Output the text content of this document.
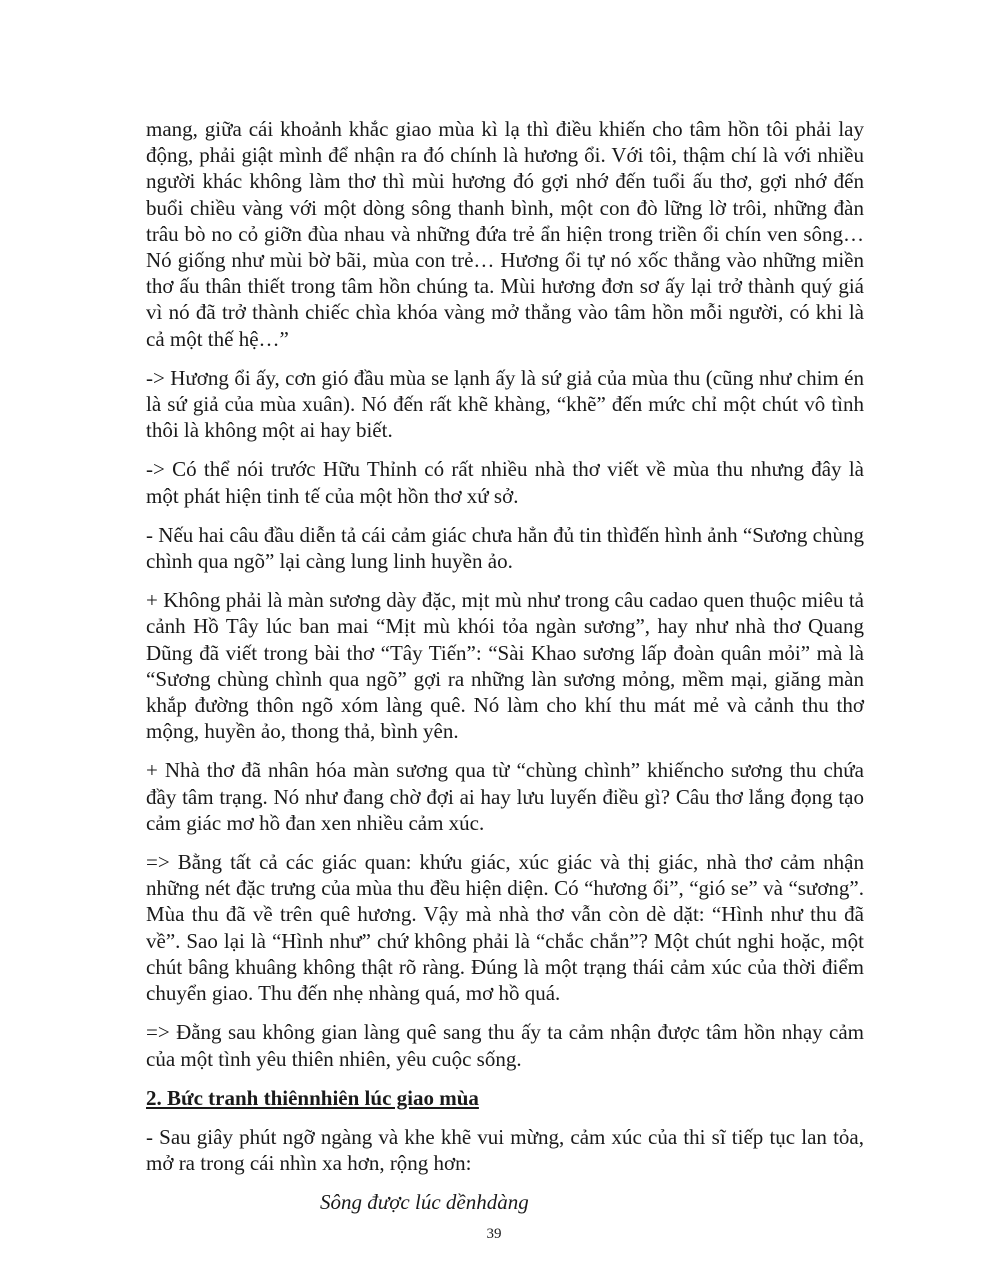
mang, giữa cái khoảnh khắc giao mùa kì lạ thì điều khiến cho tâm hồn tôi phải lay động, phải giật mình để nhận ra đó chính là hương ổi. Với tôi, thậm chí là với nhiều người khác không làm thơ thì mùi hương đó gợi nhớ đến tuổi ấu thơ, gợi nhớ đến buổi chiều vàng với một dòng sông thanh bình, một con đò lững lờ trôi, những đàn trâu bò no cỏ giỡn đùa nhau và những đứa trẻ ẩn hiện trong triền ổi chín ven sông… Nó giống như mùi bờ bãi, mùa con trẻ… Hương ổi tự nó xốc thẳng vào những miền thơ ấu thân thiết trong tâm hồn chúng ta. Mùi hương đơn sơ ấy lại trở thành quý giá vì nó đã trở thành chiếc chìa khóa vàng mở thẳng vào tâm hồn mỗi người, có khi là cả một thế hệ…”

-> Hương ổi ấy, cơn gió đầu mùa se lạnh ấy là sứ giả của mùa thu (cũng như chim én là sứ giả của mùa xuân). Nó đến rất khẽ khàng, “khẽ” đến mức chỉ một chút vô tình thôi là không một ai hay biết.

-> Có thể nói trước Hữu Thỉnh có rất nhiều nhà thơ viết về mùa thu nhưng đây là một phát hiện tinh tế của một hồn thơ xứ sở.

- Nếu hai câu đầu diễn tả cái cảm giác chưa hẳn đủ tin thìđến hình ảnh “Sương chùng chình qua ngõ” lại càng lung linh huyền ảo.

+ Không phải là màn sương dày đặc, mịt mù như trong câu cadao quen thuộc miêu tả cảnh Hồ Tây lúc ban mai “Mịt mù khói tỏa ngàn sương”, hay như nhà thơ Quang Dũng đã viết trong bài thơ “Tây Tiến”: “Sài Khao sương lấp đoàn quân mỏi” mà là “Sương chùng chình qua ngõ” gợi ra những làn sương mỏng, mềm mại, giăng màn khắp đường thôn ngõ xóm làng quê. Nó làm cho khí thu mát mẻ và cảnh thu thơ mộng, huyền ảo, thong thả, bình yên.

+ Nhà thơ đã nhân hóa màn sương qua từ “chùng chình” khiếncho sương thu chứa đầy tâm trạng. Nó như đang chờ đợi ai hay lưu luyến điều gì? Câu thơ lắng đọng tạo cảm giác mơ hồ đan xen nhiều cảm xúc.

=> Bằng tất cả các giác quan: khứu giác, xúc giác và thị giác, nhà thơ cảm nhận những nét đặc trưng của mùa thu đều hiện diện. Có “hương ổi”, “gió se” và “sương”. Mùa thu đã về trên quê hương. Vậy mà nhà thơ vẫn còn dè dặt: “Hình như thu đã về”. Sao lại là “Hình như” chứ không phải là “chắc chắn”? Một chút nghi hoặc, một chút bâng khuâng không thật rõ ràng. Đúng là một trạng thái cảm xúc của thời điểm chuyển giao. Thu đến nhẹ nhàng quá, mơ hồ quá.

=> Đằng sau không gian làng quê sang thu ấy ta cảm nhận được tâm hồn nhạy cảm của một tình yêu thiên nhiên, yêu cuộc sống.

2. Bức tranh thiênnhiên lúc giao mùa

- Sau giây phút ngỡ ngàng và khe khẽ vui mừng, cảm xúc của thi sĩ tiếp tục lan tỏa, mở ra trong cái nhìn xa hơn, rộng hơn:

Sông được lúc dềnhdàng
39
